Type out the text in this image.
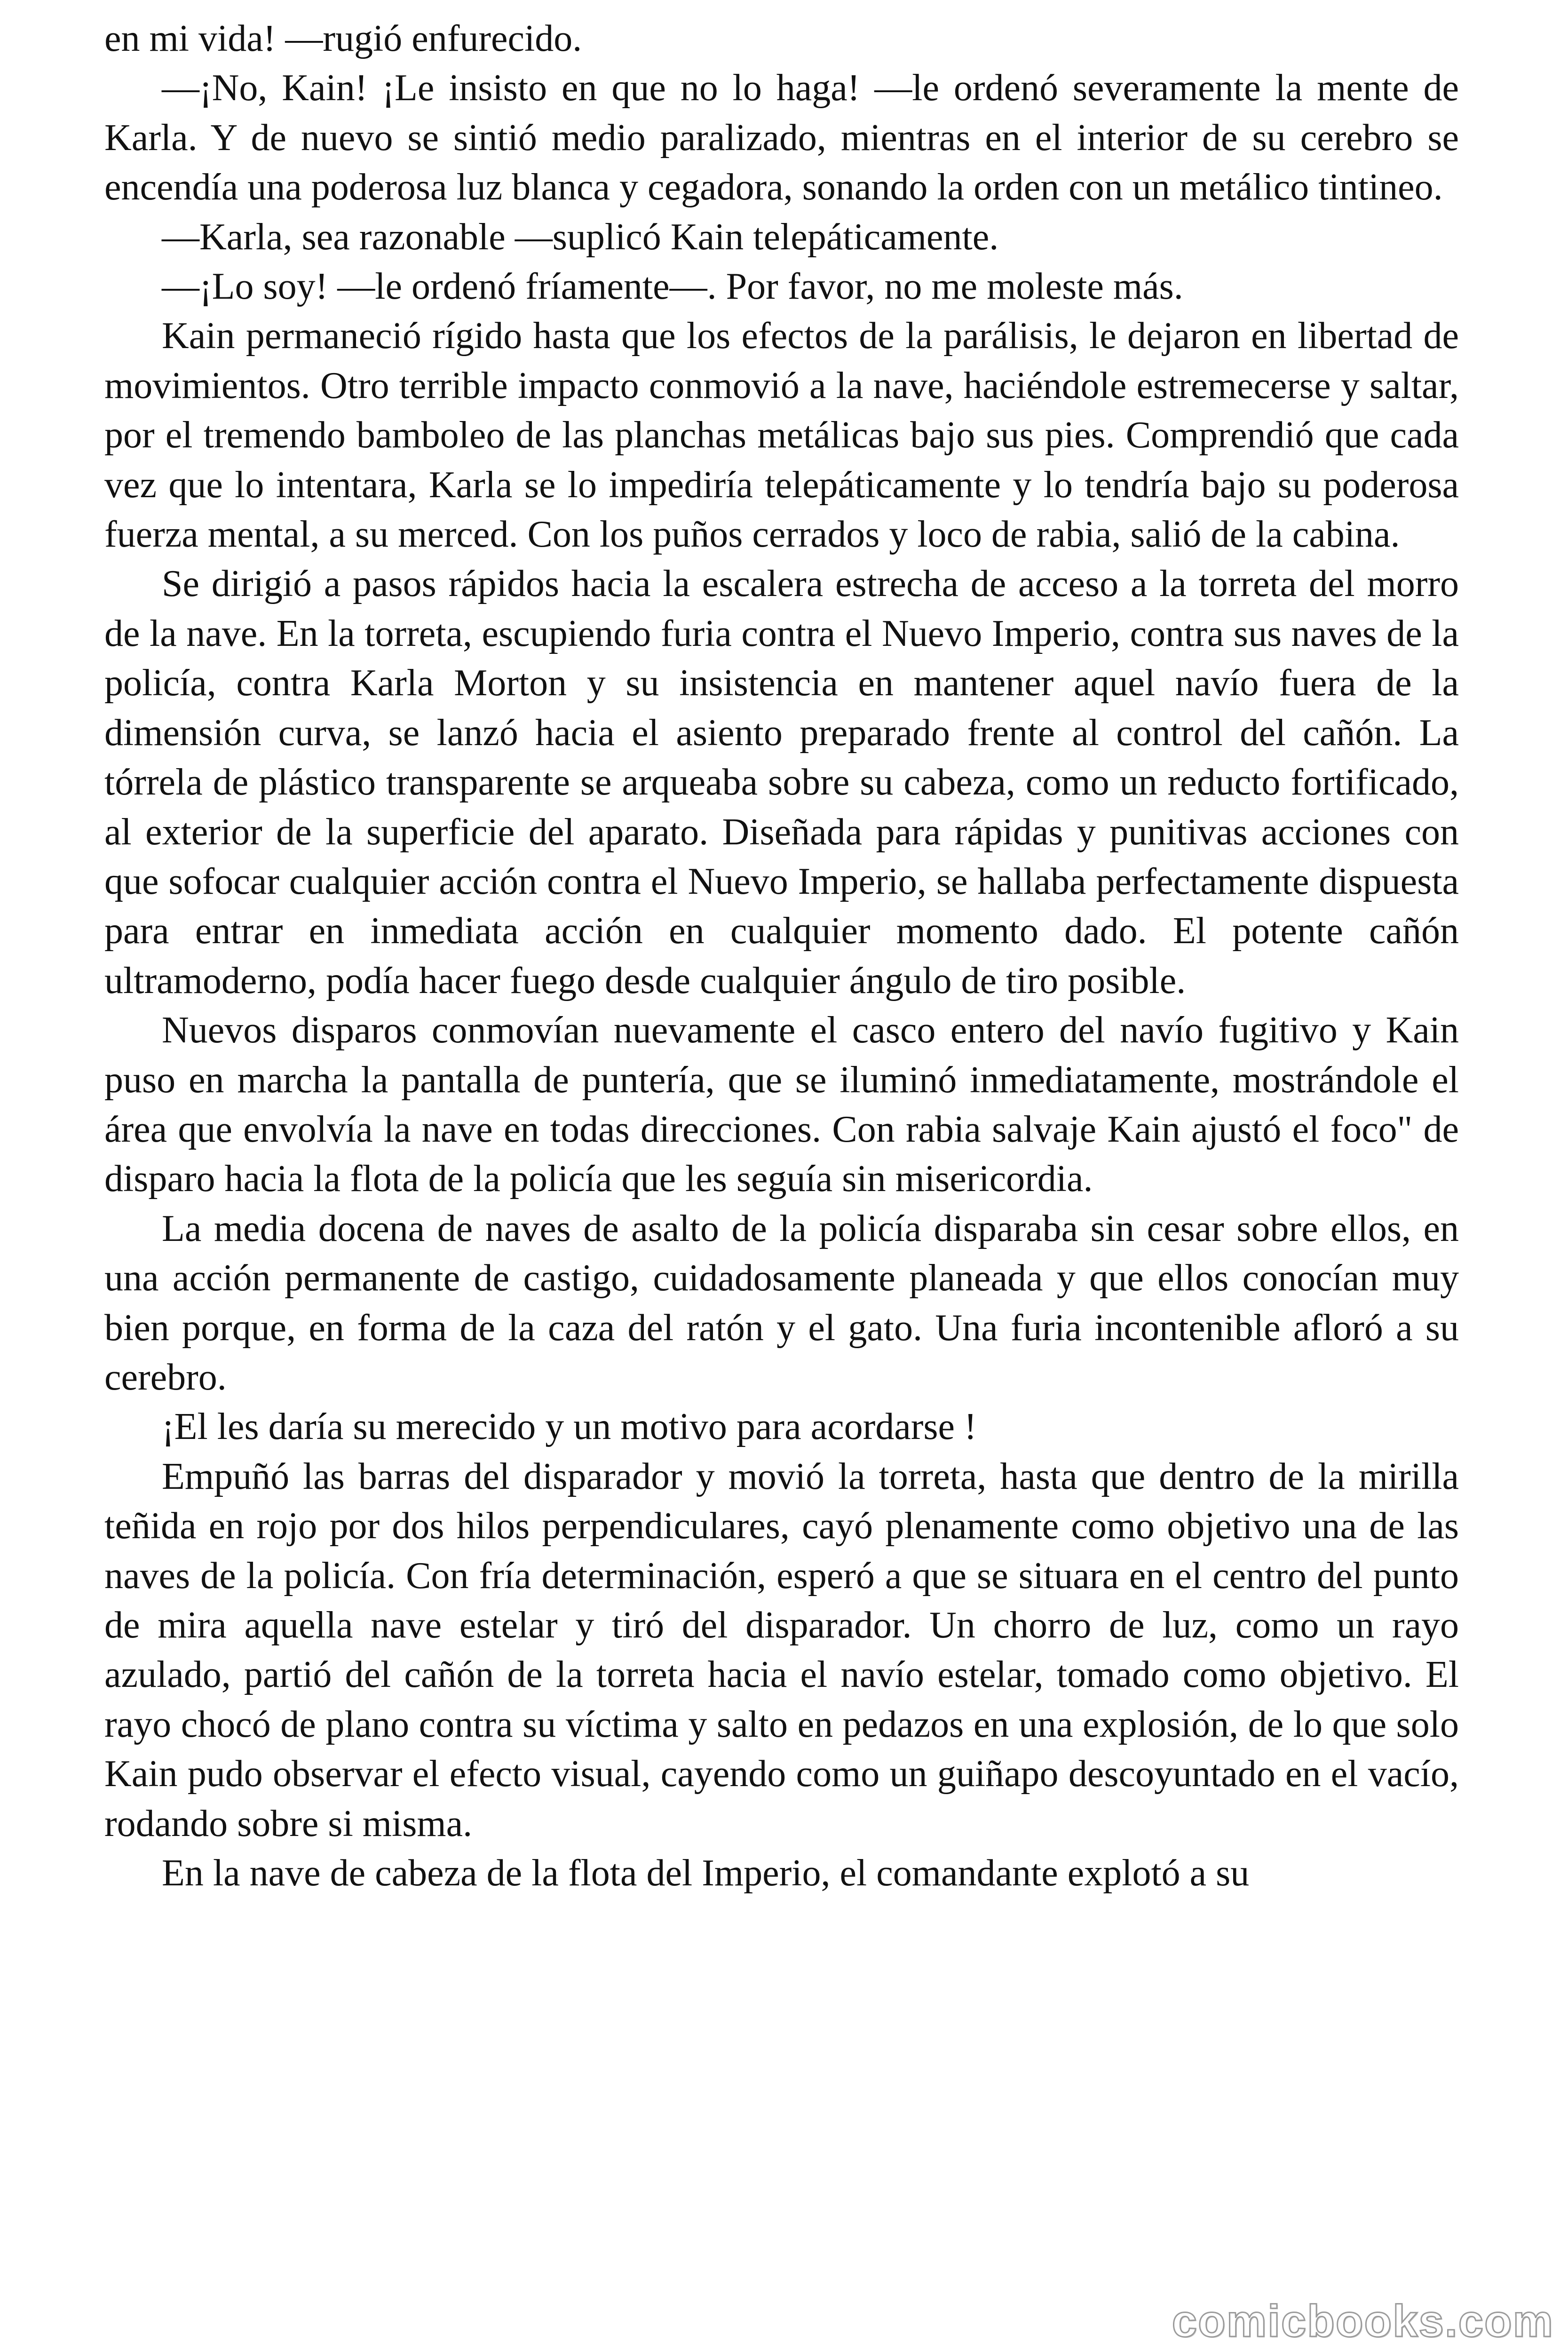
en mi vida! —rugió enfurecido.

—¡No, Kain! ¡Le insisto en que no lo haga! —le ordenó severamente la mente de Karla. Y de nuevo se sintió medio paralizado, mientras en el interior de su cerebro se encendía una poderosa luz blanca y cegadora, sonando la orden con un metálico tintineo.

—Karla, sea razonable —suplicó Kain telepáticamente.

—¡Lo soy! —le ordenó fríamente—. Por favor, no me moleste más.

Kain permaneció rígido hasta que los efectos de la parálisis, le dejaron en libertad de movimientos. Otro terrible impacto conmovió a la nave, haciéndole estremecerse y saltar, por el tremendo bamboleo de las planchas metálicas bajo sus pies. Comprendió que cada vez que lo intentara, Karla se lo impediría telepáticamente y lo tendría bajo su poderosa fuerza mental, a su merced. Con los puños cerrados y loco de rabia, salió de la cabina.

Se dirigió a pasos rápidos hacia la escalera estrecha de acceso a la torreta del morro de la nave. En la torreta, escupiendo furia contra el Nuevo Imperio, contra sus naves de la policía, contra Karla Morton y su insistencia en mantener aquel navío fuera de la dimensión curva, se lanzó hacia el asiento preparado frente al control del cañón. La tórrela de plástico transparente se arqueaba sobre su cabeza, como un reducto fortificado, al exterior de la superficie del aparato. Diseñada para rápidas y punitivas acciones con que sofocar cualquier acción contra el Nuevo Imperio, se hallaba perfectamente dispuesta para entrar en inmediata acción en cualquier momento dado. El potente cañón ultramoderno, podía hacer fuego desde cualquier ángulo de tiro posible.

Nuevos disparos conmovían nuevamente el casco entero del navío fugitivo y Kain puso en marcha la pantalla de puntería, que se iluminó inmediatamente, mostrándole el área que envolvía la nave en todas direcciones. Con rabia salvaje Kain ajustó el foco" de disparo hacia la flota de la policía que les seguía sin misericordia.

La media docena de naves de asalto de la policía disparaba sin cesar sobre ellos, en una acción permanente de castigo, cuidadosamente planeada y que ellos conocían muy bien porque, en forma de la caza del ratón y el gato. Una furia incontenible afloró a su cerebro.

¡El les daría su merecido y un motivo para acordarse !

Empuñó las barras del disparador y movió la torreta, hasta que dentro de la mirilla teñida en rojo por dos hilos perpendiculares, cayó plenamente como objetivo una de las naves de la policía. Con fría determinación, esperó a que se situara en el centro del punto de mira aquella nave estelar y tiró del disparador. Un chorro de luz, como un rayo azulado, partió del cañón de la torreta hacia el navío estelar, tomado como objetivo. El rayo chocó de plano contra su víctima y salto en pedazos en una explosión, de lo que solo Kain pudo observar el efecto visual, cayendo como un guiñapo descoyuntado en el vacío, rodando sobre si misma.

En la nave de cabeza de la flota del Imperio, el comandante explotó a su

comicbooks.com
